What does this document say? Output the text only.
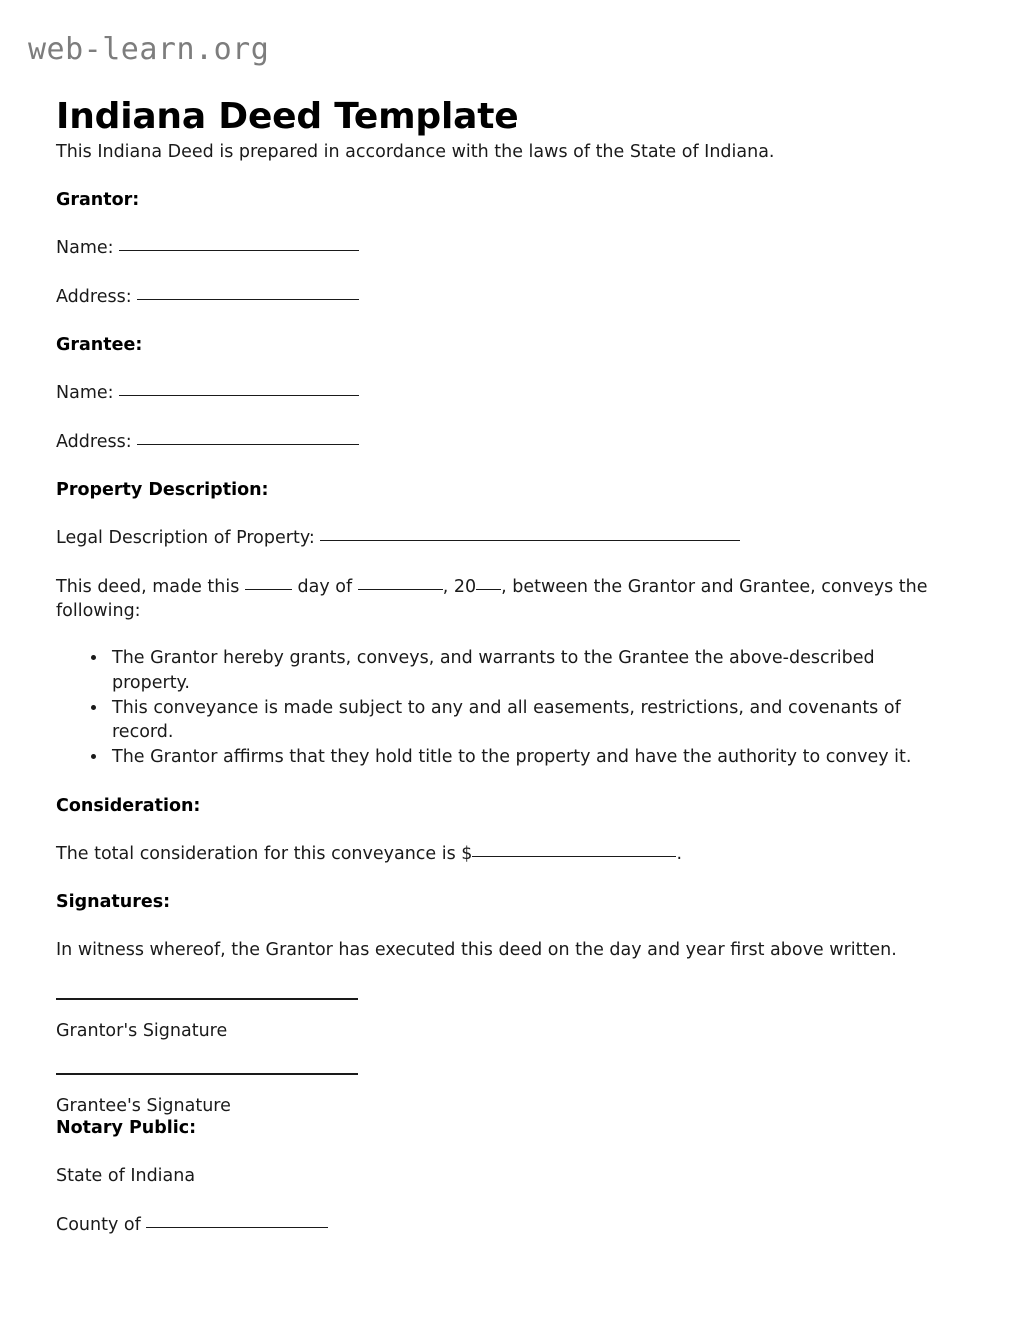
web-learn.org
Indiana Deed Template

This Indiana Deed is prepared in accordance with the laws of the State of Indiana.

Grantor:

Name:

Address:

Grantee:

Name:

Address:

Property Description:

Legal Description of Property:

This deed, made this	day of	, 20 , between the Grantor and Grantee, conveys the following:

• The Grantor hereby grants, conveys, and warrants to the Grantee the above-described property.
• This conveyance is made subject to any and all easements, restrictions, and covenants of record.
• The Grantor affirms that they hold title to the property and have the authority to convey it.
Consideration:

The total consideration for this conveyance is $	.

Signatures:

In witness whereof, the Grantor has executed this deed on the day and year first above written.

Grantor's Signature

Grantee's Signature

Notary Public:

State of Indiana

County of
